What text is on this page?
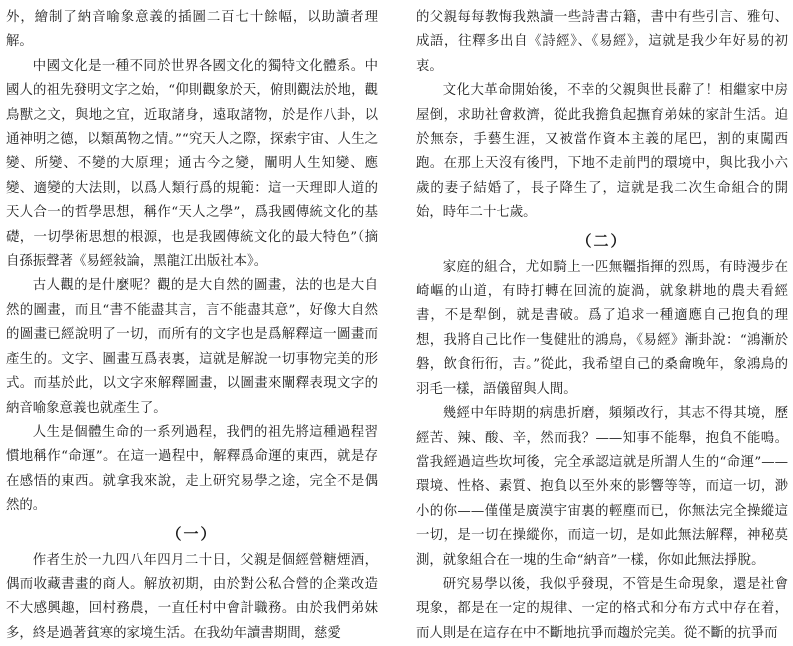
外，繪制了納音喻象意義的插圖二百七十餘幅，以助讀者理解。

中國文化是一種不同於世界各國文化的獨特文化體系。中國人的祖先發明文字之始，“仰則觀象於天，俯則觀法於地，觀鳥獸之文，與地之宜，近取諸身，遠取諸物，於是作八卦，以通神明之德，以類萬物之情。”“究天人之際，探索宇宙、人生之變、所變、不變的大原理；通古今之變，闡明人生知變、應變、適變的大法則，以爲人類行爲的規範：這一天理即人道的天人合一的哲學思想，稱作“天人之學”，爲我國傳統文化的基礎，一切學術思想的根源，也是我國傳統文化的最大特色”（摘自孫振聲著《易經敍論，黑龍江出版社本》。

古人觀的是什麼呢？觀的是大自然的圖畫，法的也是大自然的圖畫，而且“書不能盡其言，言不能盡其意”，好像大自然的圖畫已經說明了一切，而所有的文字也是爲解釋這一圖畫而產生的。文字、圖畫互爲表裏，這就是解說一切事物完美的形式。而基於此，以文字來解釋圖畫，以圖畫來闡釋表現文字的納音喻象意義也就產生了。

人生是個體生命的一系列過程，我們的祖先將這種過程習慣地稱作“命運”。在這一過程中，解釋爲命運的東西，就是存在感悟的東西。就拿我來說，走上研究易學之途，完全不是偶然的。

（一）

作者生於一九四八年四月二十日，父親是個經營糖煙酒，偶而收藏書畫的商人。解放初期，由於對公私合營的企業改造不大感興趣，回村務農，一直任村中會計職務。由於我們弟妹多，終是過著貧寒的家境生活。在我幼年讀書期間，慈愛

的父親每每教悔我熟讀一些詩書古籍，書中有些引言、雅句、成語，往釋多出自《詩經》、《易經》，這就是我少年好易的初衷。

文化大革命開始後，不幸的父親與世長辭了！相繼家中房屋倒，求助社會救濟，從此我擔負起撫育弟妹的家計生活。迫於無奈，手藝生涯，又被當作資本主義的尾巴，割的東闖西跑。在那上天沒有後門，下地不走前門的環境中，與比我小六歲的妻子結婚了，長子降生了，這就是我二次生命組合的開始，時年二十七歲。

（二）

家庭的組合，尤如騎上一匹無韁指揮的烈馬，有時漫步在崎嶇的山道，有時打轉在回流的旋渦，就象耕地的農夫看經書，不是犁倒，就是書破。爲了追求一種適應自己抱負的理想，我將自己比作一隻健壯的鴻鳥，《易經》漸卦說：“鴻漸於磐，飲食衎衎，吉。”從此，我希望自己的桑龠晚年，象鴻鳥的羽毛一樣，語儀留與人間。

幾經中年時期的病患折磨，頻頻改行，其志不得其境，歷經苦、辣、酸、辛，然而我？——知事不能舉，抱負不能鳴。當我經過這些坎坷後，完全承認這就是所謂人生的“命運”——環境、性格、素質、抱負以至外來的影響等等，而這一切，渺小的你——僅僅是廣漠宇宙裏的輕塵而已，你無法完全操縱這一切，是一切在操縱你，而這一切，是如此無法解釋，神秘莫測，就象組合在一塊的生命“納音”一樣，你如此無法掙脫。

研究易學以後，我似乎發現，不管是生命現象，還是社會現象，都是在一定的規律、一定的格式和分布方式中存在着，而人則是在這存在中不斷地抗爭而趨於完美。從不斷的抗爭而
